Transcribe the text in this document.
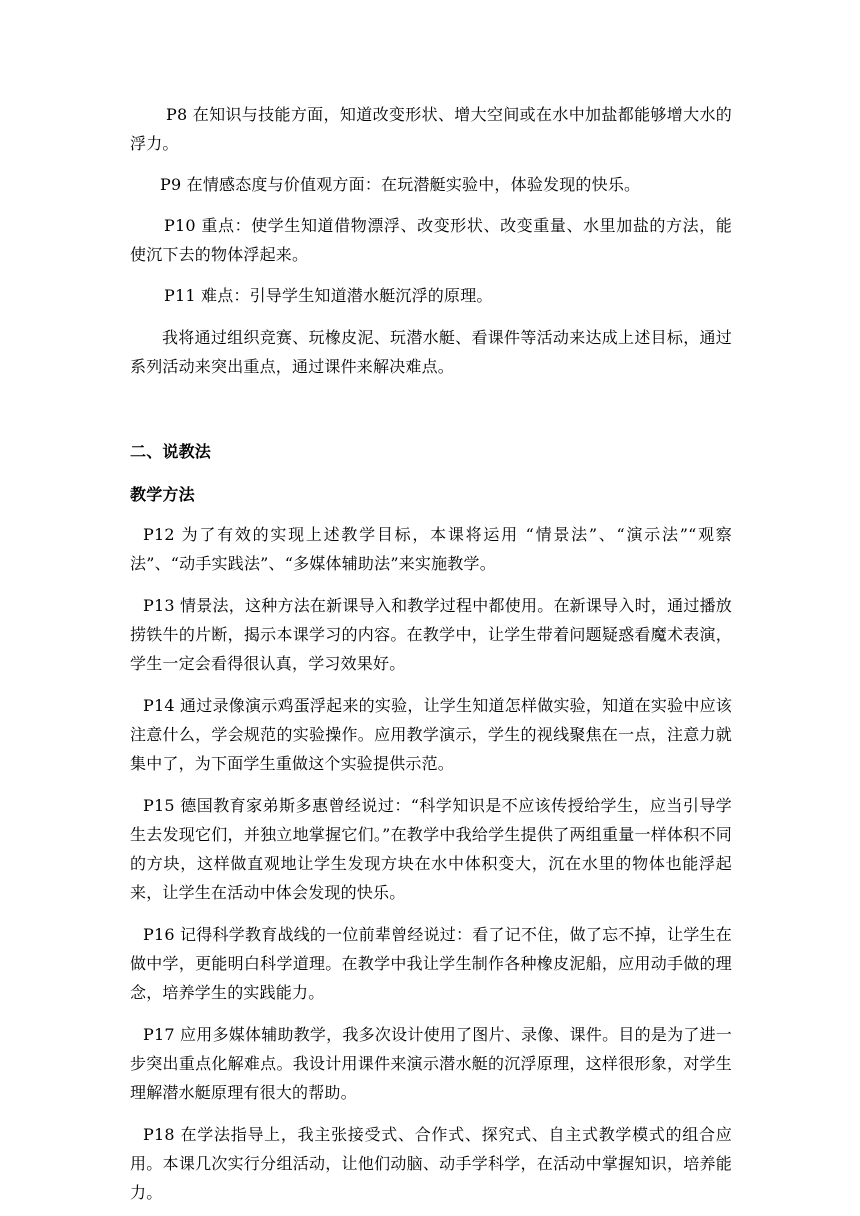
P8 在知识与技能方面，知道改变形状、增大空间或在水中加盐都能够增大水的浮力。

P9 在情感态度与价值观方面：在玩潜艇实验中，体验发现的快乐。

P10 重点：使学生知道借物漂浮、改变形状、改变重量、水里加盐的方法，能使沉下去的物体浮起来。

P11 难点：引导学生知道潜水艇沉浮的原理。

我将通过组织竞赛、玩橡皮泥、玩潜水艇、看课件等活动来达成上述目标，通过系列活动来突出重点，通过课件来解决难点。

二、说教法

教学方法

P12 为了有效的实现上述教学目标，本课将运用 “情景法”、“演示法”“观察法”、“动手实践法”、“多媒体辅助法”来实施教学。

P13 情景法，这种方法在新课导入和教学过程中都使用。在新课导入时，通过播放捞铁牛的片断，揭示本课学习的内容。在教学中，让学生带着问题疑惑看魔术表演，学生一定会看得很认真，学习效果好。

P14 通过录像演示鸡蛋浮起来的实验，让学生知道怎样做实验，知道在实验中应该注意什么，学会规范的实验操作。应用教学演示，学生的视线聚焦在一点，注意力就集中了，为下面学生重做这个实验提供示范。

P15 德国教育家弟斯多惠曾经说过：“科学知识是不应该传授给学生，应当引导学生去发现它们，并独立地掌握它们。”在教学中我给学生提供了两组重量一样体积不同的方块，这样做直观地让学生发现方块在水中体积变大，沉在水里的物体也能浮起来，让学生在活动中体会发现的快乐。

P16 记得科学教育战线的一位前辈曾经说过：看了记不住，做了忘不掉，让学生在做中学，更能明白科学道理。在教学中我让学生制作各种橡皮泥船，应用动手做的理念，培养学生的实践能力。

P17 应用多媒体辅助教学，我多次设计使用了图片、录像、课件。目的是为了进一步突出重点化解难点。我设计用课件来演示潜水艇的沉浮原理，这样很形象，对学生理解潜水艇原理有很大的帮助。

P18 在学法指导上，我主张接受式、合作式、探究式、自主式教学模式的组合应用。本课几次实行分组活动，让他们动脑、动手学科学，在活动中掌握知识，培养能力。
